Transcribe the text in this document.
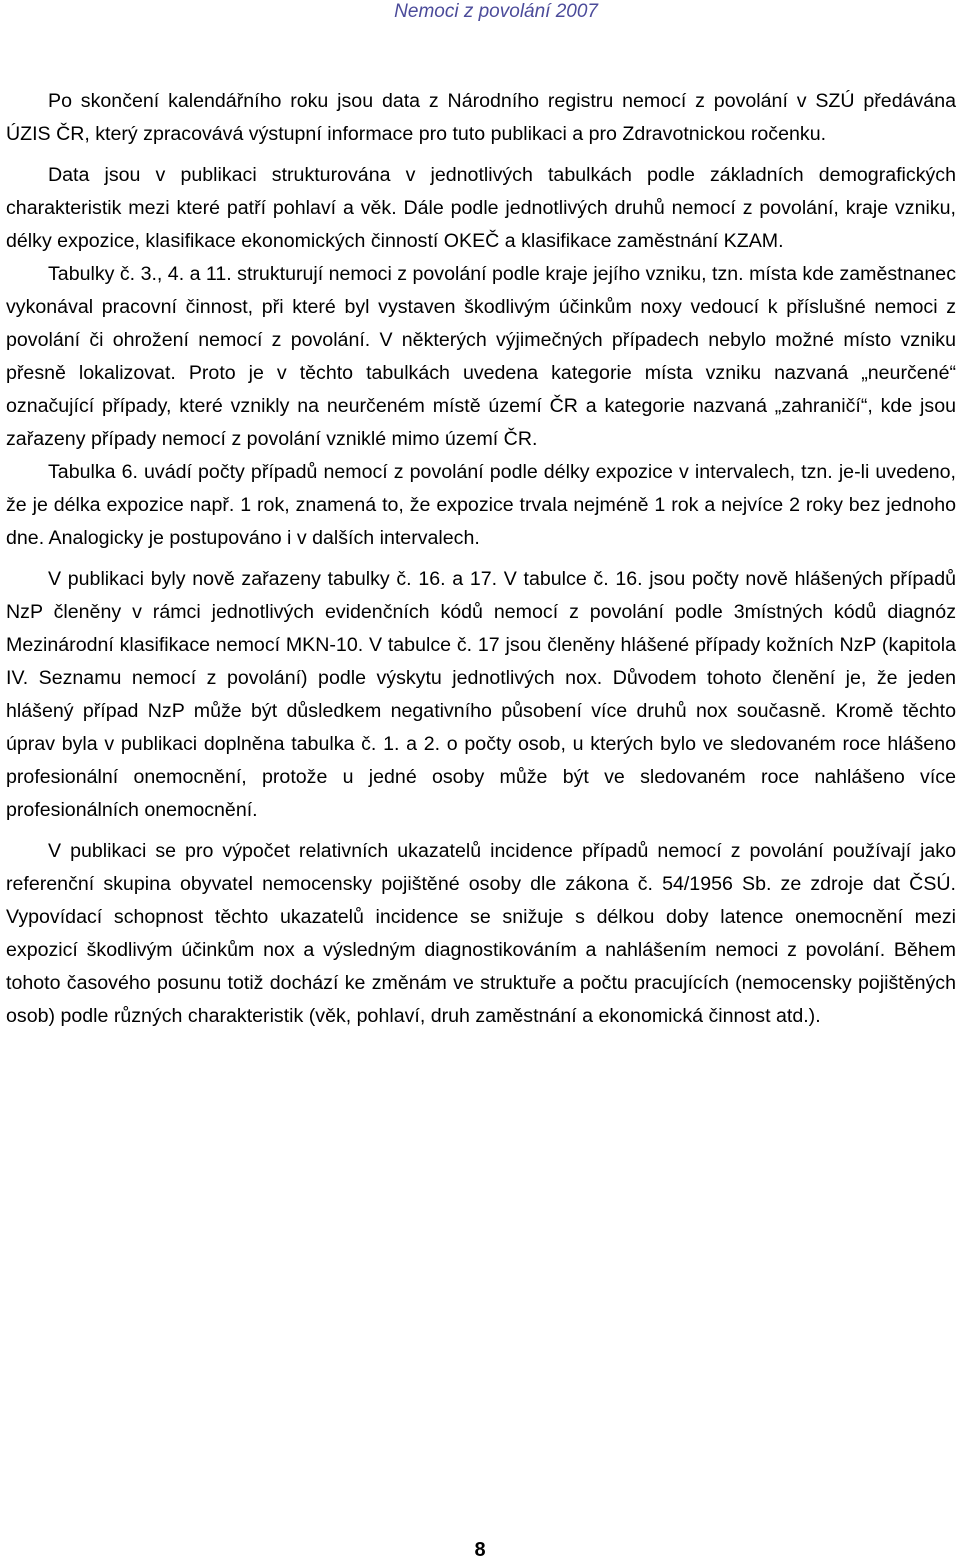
Nemoci z povolání 2007

Po skončení kalendářního roku jsou data z Národního registru nemocí z povolání v SZÚ předávána ÚZIS ČR, který zpracovává výstupní informace pro tuto publikaci a pro Zdravotnickou ročenku.

Data jsou v publikaci strukturována v jednotlivých tabulkách podle základních demografických charakteristik mezi které patří pohlaví a věk. Dále podle jednotlivých druhů nemocí z povolání, kraje vzniku, délky expozice, klasifikace ekonomických činností OKEČ a klasifikace zaměstnání KZAM.

Tabulky č. 3., 4. a 11. strukturují nemoci z povolání podle kraje jejího vzniku, tzn. místa kde zaměstnanec vykonával pracovní činnost, při které byl vystaven škodlivým účinkům noxy vedoucí k příslušné nemoci z povolání či ohrožení nemocí z povolání. V některých výjimečných případech nebylo možné místo vzniku přesně lokalizovat. Proto je v těchto tabulkách uvedena kategorie místa vzniku nazvaná „neurčené“ označující případy, které vznikly na neurčeném místě území ČR a kategorie nazvaná „zahraničí“, kde jsou zařazeny případy nemocí z povolání vzniklé mimo území ČR.

Tabulka 6. uvádí počty případů nemocí z povolání podle délky expozice v intervalech, tzn. je-li uvedeno, že je délka expozice např. 1 rok, znamená to, že expozice trvala nejméně 1 rok a nejvíce 2 roky bez jednoho dne. Analogicky je postupováno i v dalších intervalech.

V publikaci byly nově zařazeny tabulky č. 16. a 17. V tabulce č. 16. jsou počty nově hlášených případů NzP členěny v rámci jednotlivých evidenčních kódů nemocí z povolání podle 3místných kódů diagnóz Mezinárodní klasifikace nemocí MKN-10. V tabulce č. 17 jsou členěny hlášené případy kožních NzP (kapitola IV. Seznamu nemocí z povolání) podle výskytu jednotlivých nox. Důvodem tohoto členění je, že jeden hlášený případ NzP může být důsledkem negativního působení více druhů nox současně. Kromě těchto úprav byla v publikaci doplněna tabulka č. 1. a 2. o počty osob, u kterých bylo ve sledovaném roce hlášeno profesionální onemocnění, protože u jedné osoby může být ve sledovaném roce nahlášeno více profesionálních onemocnění.

V publikaci se pro výpočet relativních ukazatelů incidence případů nemocí z povolání používají jako referenční skupina obyvatel nemocensky pojištěné osoby dle zákona č. 54/1956 Sb. ze zdroje dat ČSÚ. Vypovídací schopnost těchto ukazatelů incidence se snižuje s délkou doby latence onemocnění mezi expozicí škodlivým účinkům nox a výsledným diagnostikováním a nahlášením nemoci z povolání. Během tohoto časového posunu totiž dochází ke změnám ve struktuře a počtu pracujících (nemocensky pojištěných osob) podle různých charakteristik (věk, pohlaví, druh zaměstnání a ekonomická činnost atd.).

8
